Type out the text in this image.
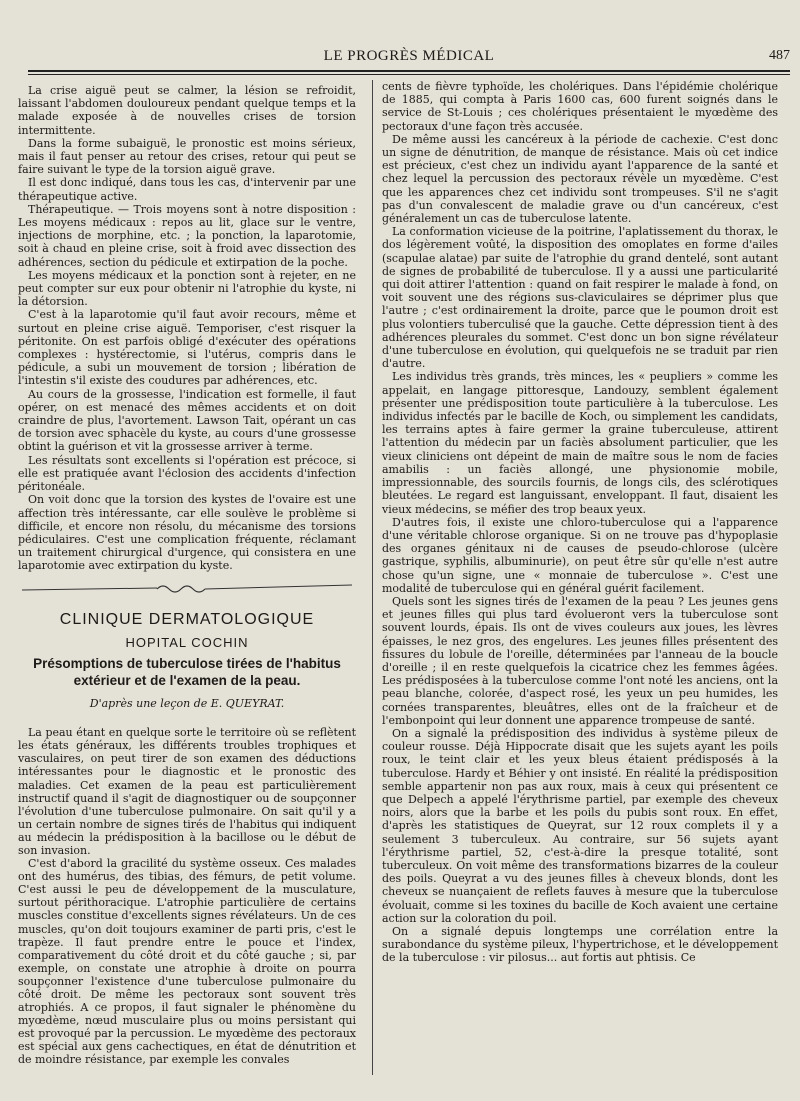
LE PROGRÈS MÉDICAL	487

La crise aiguë peut se calmer, la lésion se refroidit, laissant l'abdomen douloureux pendant quelque temps et la malade exposée à de nouvelles crises de torsion intermittente.

Dans la forme subaiguë, le pronostic est moins sérieux, mais il faut penser au retour des crises, retour qui peut se faire suivant le type de la torsion aiguë grave.

Il est donc indiqué, dans tous les cas, d'intervenir par une thérapeutique active.

Thérapeutique. — Trois moyens sont à notre disposition : Les moyens médicaux : repos au lit, glace sur le ventre, injections de morphine, etc. ; la ponction, la laparotomie, soit à chaud en pleine crise, soit à froid avec dissection des adhérences, section du pédicule et extirpation de la poche.

Les moyens médicaux et la ponction sont à rejeter, en ne peut compter sur eux pour obtenir ni l'atrophie du kyste, ni la détorsion.

C'est à la laparotomie qu'il faut avoir recours, même et surtout en pleine crise aiguë. Temporiser, c'est risquer la péritonite. On est parfois obligé d'exécuter des opérations complexes : hystérectomie, si l'utérus, compris dans le pédicule, a subi un mouvement de torsion ; libération de l'intestin s'il existe des coudures par adhérences, etc.

Au cours de la grossesse, l'indication est formelle, il faut opérer, on est menacé des mêmes accidents et on doit craindre de plus, l'avortement. Lawson Tait, opérant un cas de torsion avec sphacèle du kyste, au cours d'une grossesse obtint la guérison et vit la grossesse arriver à terme.

Les résultats sont excellents si l'opération est précoce, si elle est pratiquée avant l'éclosion des accidents d'infection péritonéale.

On voit donc que la torsion des kystes de l'ovaire est une affection très intéressante, car elle soulève le problème si difficile, et encore non résolu, du mécanisme des torsions pédiculaires. C'est une complication fréquente, réclamant un traitement chirurgical d'urgence, qui consistera en une laparotomie avec extirpation du kyste.

CLINIQUE DERMATOLOGIQUE
HOPITAL COCHIN
Présomptions de tuberculose tirées de l'habitus extérieur et de l'examen de la peau.
D'après une leçon de E. QUEYRAT.

La peau étant en quelque sorte le territoire où se reflètent les états généraux, les différents troubles trophiques et vasculaires, on peut tirer de son examen des déductions intéressantes pour le diagnostic et le pronostic des maladies. Cet examen de la peau est particulièrement instructif quand il s'agit de diagnostiquer ou de soupçonner l'évolution d'une tuberculose pulmonaire. On sait qu'il y a un certain nombre de signes tirés de l'habitus qui indiquent au médecin la prédisposition à la bacillose ou le début de son invasion.

C'est d'abord la gracilité du système osseux. Ces malades ont des humérus, des tibias, des fémurs, de petit volume. C'est aussi le peu de développement de la musculature, surtout périthoracique. L'atrophie particulière de certains muscles constitue d'excellents signes révélateurs. Un de ces muscles, qu'on doit toujours examiner de parti pris, c'est le trapèze. Il faut prendre entre le pouce et l'index, comparativement du côté droit et du côté gauche ; si, par exemple, on constate une atrophie à droite on pourra soupçonner l'existence d'une tuberculose pulmonaire du côté droit. De même les pectoraux sont souvent très atrophiés. A ce propos, il faut signaler le phénomène du myœdème, nœud musculaire plus ou moins persistant qui est provoqué par la percussion. Le myœdème des pectoraux est spécial aux gens cachectiques, en état de dénutrition et de moindre résistance, par exemple les convales

cents de fièvre typhoïde, les cholériques. Dans l'épidémie cholérique de 1885, qui compta à Paris 1600 cas, 600 furent soignés dans le service de St-Louis ; ces cholériques présentaient le myœdème des pectoraux d'une façon très accusée.

De même aussi les cancéreux à la période de cachexie. C'est donc un signe de dénutrition, de manque de résistance. Mais où cet indice est précieux, c'est chez un individu ayant l'apparence de la santé et chez lequel la percussion des pectoraux révèle un myœdème. C'est que les apparences chez cet individu sont trompeuses. S'il ne s'agit pas d'un convalescent de maladie grave ou d'un cancéreux, c'est généralement un cas de tuberculose latente.

La conformation vicieuse de la poitrine, l'aplatissement du thorax, le dos légèrement voûté, la disposition des omoplates en forme d'ailes (scapulae alatae) par suite de l'atrophie du grand dentelé, sont autant de signes de probabilité de tuberculose. Il y a aussi une particularité qui doit attirer l'attention : quand on fait respirer le malade à fond, on voit souvent une des régions sus-claviculaires se déprimer plus que l'autre ; c'est ordinairement la droite, parce que le poumon droit est plus volontiers tuberculisé que la gauche. Cette dépression tient à des adhérences pleurales du sommet. C'est donc un bon signe révélateur d'une tuberculose en évolution, qui quelquefois ne se traduit par rien d'autre.

Les individus très grands, très minces, les « peupliers » comme les appelait, en langage pittoresque, Landouzy, semblent également présenter une prédisposition toute particulière à la tuberculose. Les individus infectés par le bacille de Koch, ou simplement les candidats, les terrains aptes à faire germer la graine tuberculeuse, attirent l'attention du médecin par un faciès absolument particulier, que les vieux cliniciens ont dépeint de main de maître sous le nom de facies amabilis : un faciès allongé, une physionomie mobile, impressionnable, des sourcils fournis, de longs cils, des sclérotiques bleutées. Le regard est languissant, enveloppant. Il faut, disaient les vieux médecins, se méfier des trop beaux yeux.

D'autres fois, il existe une chloro-tuberculose qui a l'apparence d'une véritable chlorose organique. Si on ne trouve pas d'hypoplasie des organes génitaux ni de causes de pseudo-chlorose (ulcère gastrique, syphilis, albuminurie), on peut être sûr qu'elle n'est autre chose qu'un signe, une « monnaie de tuberculose ». C'est une modalité de tuberculose qui en général guérit facilement.

Quels sont les signes tirés de l'examen de la peau ? Les jeunes gens et jeunes filles qui plus tard évolueront vers la tuberculose sont souvent lourds, épais. Ils ont de vives couleurs aux joues, les lèvres épaisses, le nez gros, des engelures. Les jeunes filles présentent des fissures du lobule de l'oreille, déterminées par l'anneau de la boucle d'oreille ; il en reste quelquefois la cicatrice chez les femmes âgées. Les prédisposées à la tuberculose comme l'ont noté les anciens, ont la peau blanche, colorée, d'aspect rosé, les yeux un peu humides, les cornées transparentes, bleuâtres, elles ont de la fraîcheur et de l'embonpoint qui leur donnent une apparence trompeuse de santé.

On a signalé la prédisposition des individus à système pileux de couleur rousse. Déjà Hippocrate disait que les sujets ayant les poils roux, le teint clair et les yeux bleus étaient prédisposés à la tuberculose. Hardy et Béhier y ont insisté. En réalité la prédisposition semble appartenir non pas aux roux, mais à ceux qui présentent ce que Delpech a appelé l'érythrisme partiel, par exemple des cheveux noirs, alors que la barbe et les poils du pubis sont roux. En effet, d'après les statistiques de Queyrat, sur 12 roux complets il y a seulement 3 tuberculeux. Au contraire, sur 56 sujets ayant l'érythrisme partiel, 52, c'est-à-dire la presque totalité, sont tuberculeux. On voit même des transformations bizarres de la couleur des poils. Queyrat a vu des jeunes filles à cheveux blonds, dont les cheveux se nuançaient de reflets fauves à mesure que la tuberculose évoluait, comme si les toxines du bacille de Koch avaient une certaine action sur la coloration du poil.

On a signalé depuis longtemps une corrélation entre la surabondance du système pileux, l'hypertrichose, et le développement de la tuberculose : vir pilosus... aut fortis aut phtisis. Ce
